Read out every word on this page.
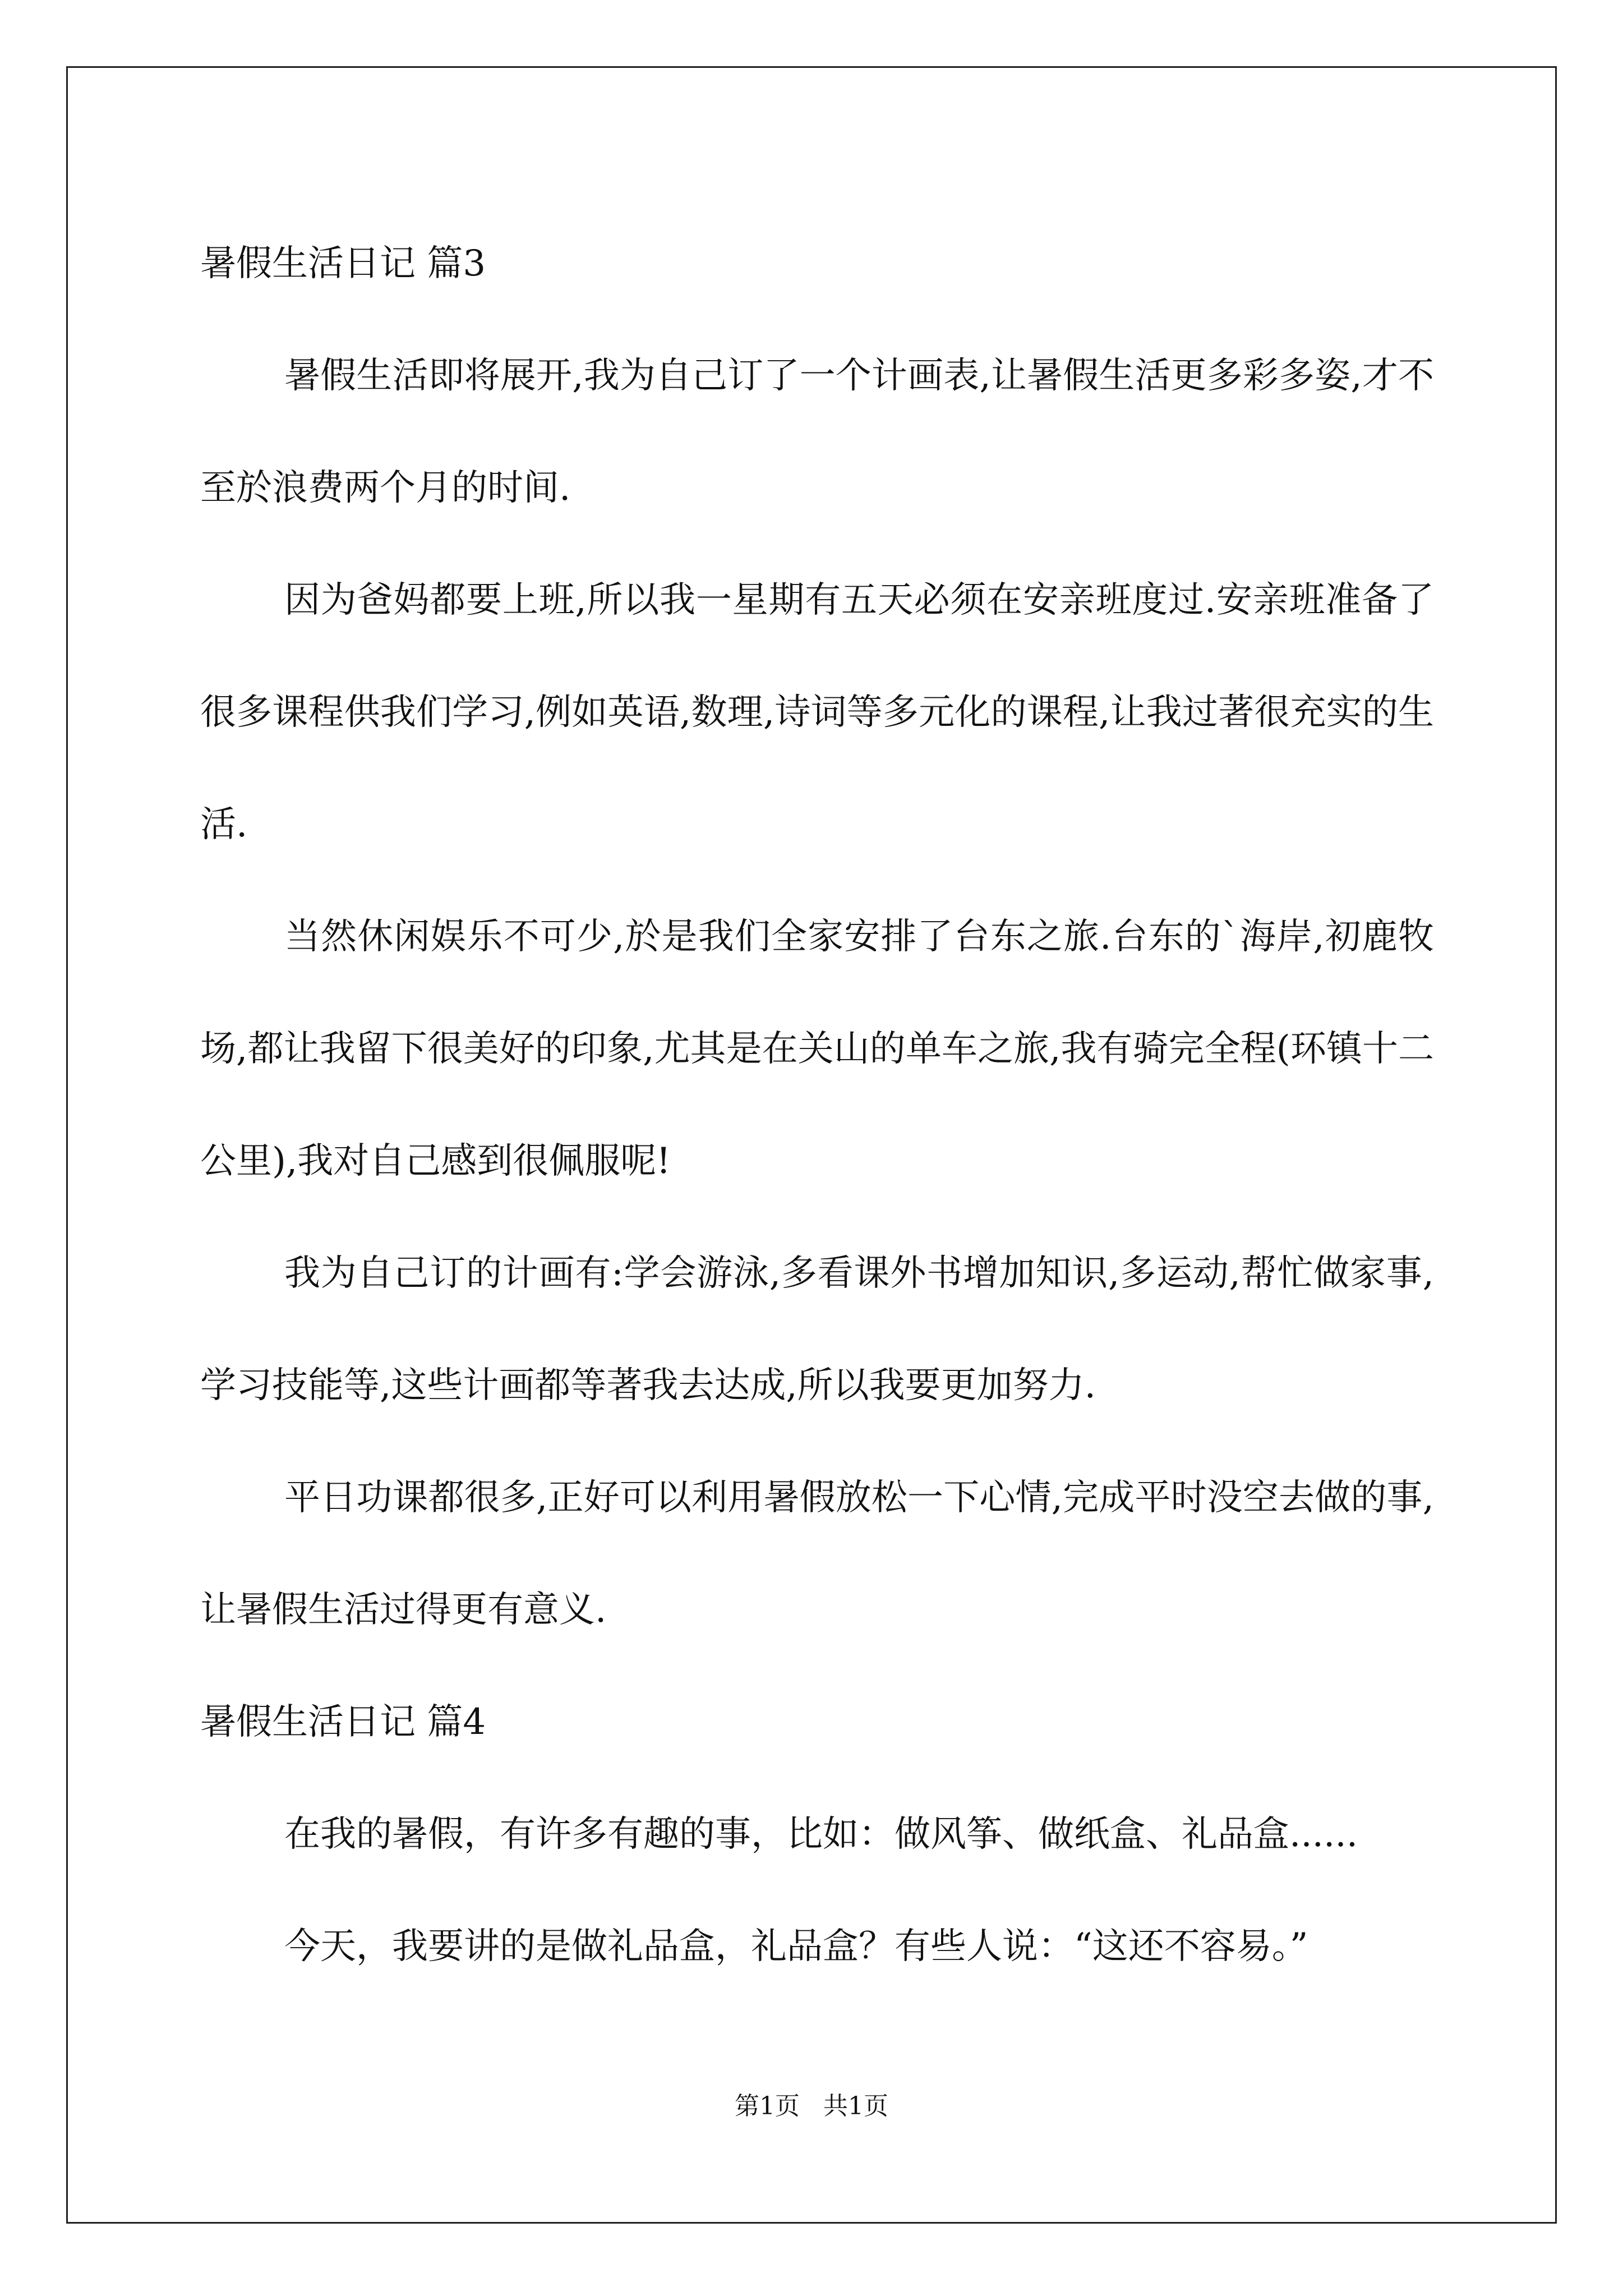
暑假生活日记 篇3

暑假生活即将展开,我为自己订了一个计画表,让暑假生活更多彩多姿,才不至於浪费两个月的时间.

因为爸妈都要上班,所以我一星期有五天必须在安亲班度过.安亲班准备了很多课程供我们学习,例如英语,数理,诗词等多元化的课程,让我过著很充实的生活.

当然休闲娱乐不可少,於是我们全家安排了台东之旅.台东的`海岸,初鹿牧场,都让我留下很美好的印象,尤其是在关山的单车之旅,我有骑完全程(环镇十二公里),我对自己感到很佩服呢!

我为自己订的计画有:学会游泳,多看课外书增加知识,多运动,帮忙做家事,学习技能等,这些计画都等著我去达成,所以我要更加努力.

平日功课都很多,正好可以利用暑假放松一下心情,完成平时没空去做的事,让暑假生活过得更有意义.

暑假生活日记 篇4

在我的暑假，有许多有趣的事，比如：做风筝、做纸盒、礼品盒......

今天，我要讲的是做礼品盒，礼品盒？有些人说：“这还不容易。”

第1页   共1页
